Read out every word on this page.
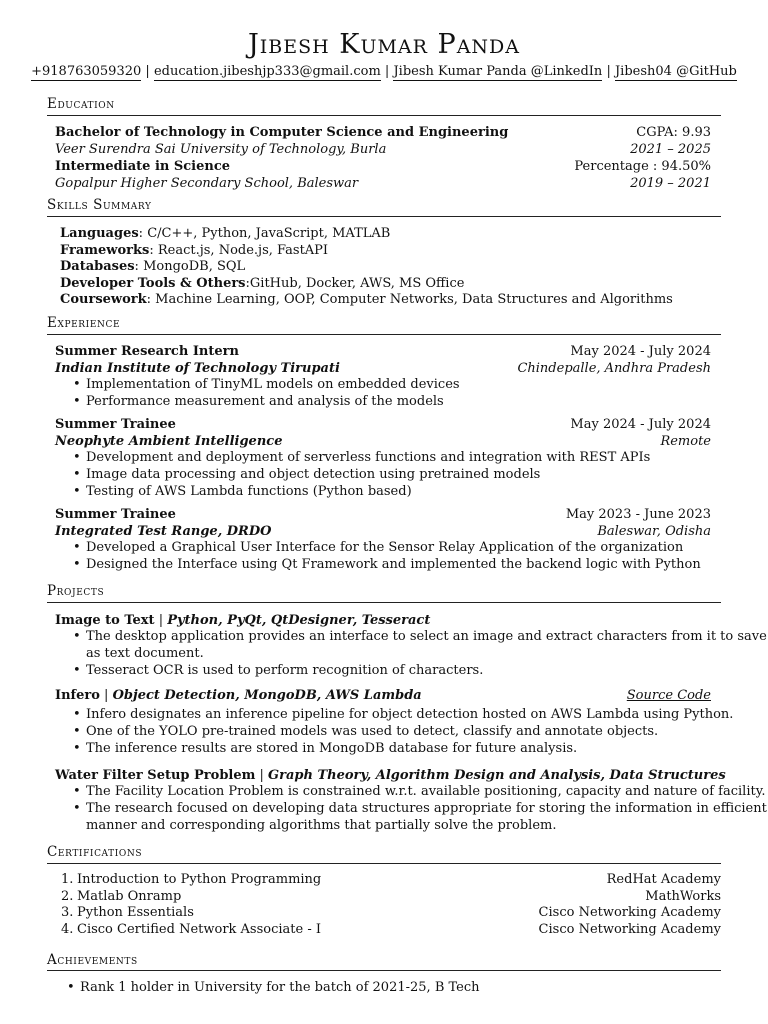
Jibesh Kumar Panda
+918763059320 | education.jibeshjp333@gmail.com | Jibesh Kumar Panda @LinkedIn | Jibesh04 @GitHub
Education
Bachelor of Technology in Computer Science and Engineering	CGPA: 9.93
Veer Surendra Sai University of Technology, Burla	2021 – 2025
Intermediate in Science	Percentage : 94.50%
Gopalpur Higher Secondary School, Baleswar	2019 – 2021
Skills Summary
Languages: C/C++, Python, JavaScript, MATLAB
Frameworks: React.js, Node.js, FastAPI
Databases: MongoDB, SQL
Developer Tools & Others:GitHub, Docker, AWS, MS Office
Coursework: Machine Learning, OOP, Computer Networks, Data Structures and Algorithms
Experience
Summer Research Intern	May 2024 - July 2024
Indian Institute of Technology Tirupati	Chindepalle, Andhra Pradesh
• Implementation of TinyML models on embedded devices
• Performance measurement and analysis of the models
Summer Trainee	May 2024 - July 2024
Neophyte Ambient Intelligence	Remote
• Development and deployment of serverless functions and integration with REST APIs
• Image data processing and object detection using pretrained models
• Testing of AWS Lambda functions (Python based)
Summer Trainee	May 2023 - June 2023
Integrated Test Range, DRDO	Baleswar, Odisha
• Developed a Graphical User Interface for the Sensor Relay Application of the organization
• Designed the Interface using Qt Framework and implemented the backend logic with Python
Projects
Image to Text | Python, PyQt, QtDesigner, Tesseract
• The desktop application provides an interface to select an image and extract characters from it to save
as text document.
• Tesseract OCR is used to perform recognition of characters.
Infero | Object Detection, MongoDB, AWS Lambda	Source Code
• Infero designates an inference pipeline for object detection hosted on AWS Lambda using Python.
• One of the YOLO pre-trained models was used to detect, classify and annotate objects.
• The inference results are stored in MongoDB database for future analysis.
Water Filter Setup Problem | Graph Theory, Algorithm Design and Analysis, Data Structures
• The Facility Location Problem is constrained w.r.t. available positioning, capacity and nature of facility.
• The research focused on developing data structures appropriate for storing the information in efficient
manner and corresponding algorithms that partially solve the problem.
Certifications
1. Introduction to Python Programming	RedHat Academy
2. Matlab Onramp	MathWorks
3. Python Essentials	Cisco Networking Academy
4. Cisco Certified Network Associate - I	Cisco Networking Academy
Achievements
• Rank 1 holder in University for the batch of 2021-25, B Tech
